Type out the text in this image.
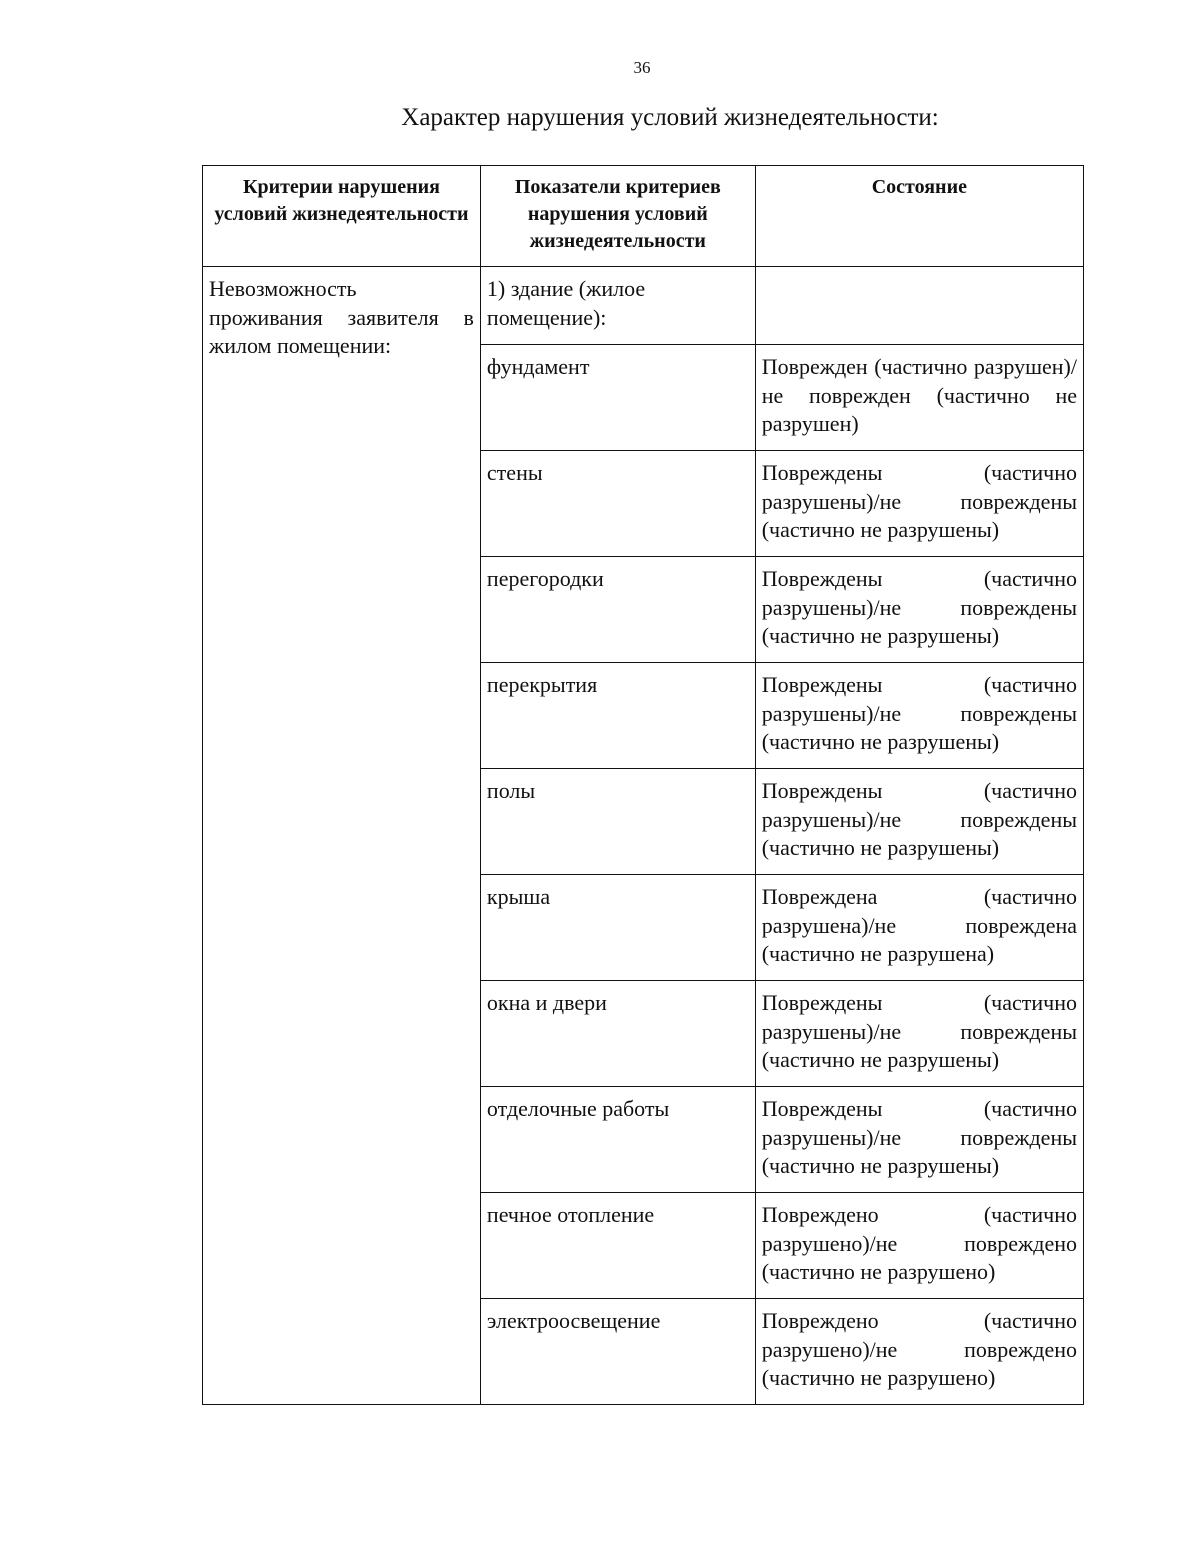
36
Характер нарушения условий жизнедеятельности:
Критерии нарушения условий жизнедеятельности	Показатели критериев нарушения условий жизнедеятельности	Состояние
Невозможность проживания заявителя в жилом помещении:	1) здание (жилое помещение):	
	фундамент	Поврежден (частично разрушен)/не поврежден (частично не разрушен)
	стены	Повреждены (частично разрушены)/не повреждены (частично не разрушены)
	перегородки	Повреждены (частично разрушены)/не повреждены (частично не разрушены)
	перекрытия	Повреждены (частично разрушены)/не повреждены (частично не разрушены)
	полы	Повреждены (частично разрушены)/не повреждены (частично не разрушены)
	крыша	Повреждена (частично разрушена)/не повреждена (частично не разрушена)
	окна и двери	Повреждены (частично разрушены)/не повреждены (частично не разрушены)
	отделочные работы	Повреждены (частично разрушены)/не повреждены (частично не разрушены)
	печное отопление	Повреждено (частично разрушено)/не повреждено (частично не разрушено)
	электроосвещение	Повреждено (частично разрушено)/не повреждено (частично не разрушено)
